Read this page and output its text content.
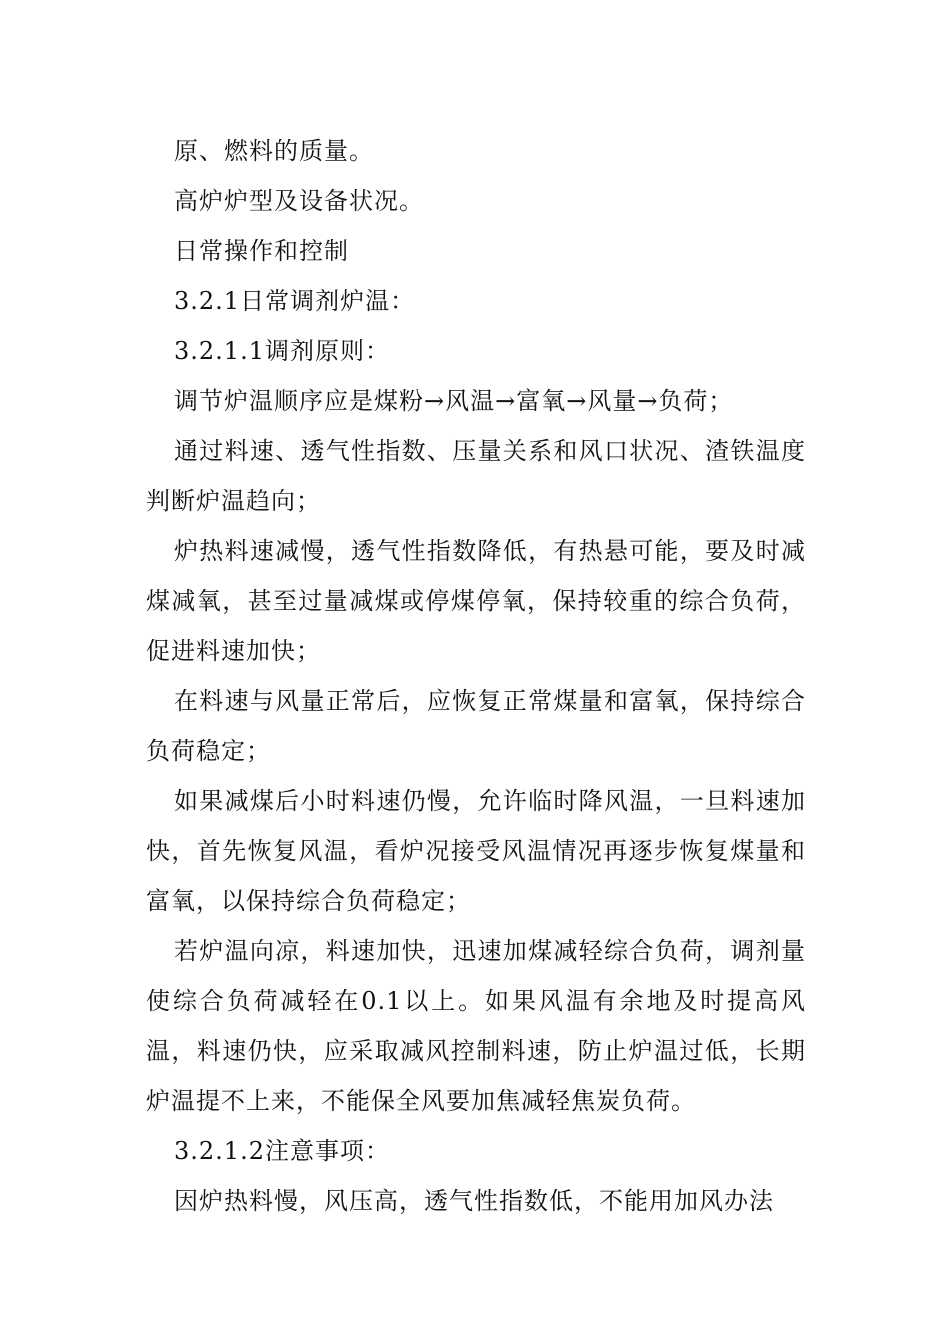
原、燃料的质量。

高炉炉型及设备状况。

日常操作和控制

3.2.1日常调剂炉温：

3.2.1.1调剂原则：

调节炉温顺序应是煤粉→风温→富氧→风量→负荷；

通过料速、透气性指数、压量关系和风口状况、渣铁温度判断炉温趋向；

炉热料速减慢，透气性指数降低，有热悬可能，要及时减煤减氧，甚至过量减煤或停煤停氧，保持较重的综合负荷，促进料速加快；

在料速与风量正常后，应恢复正常煤量和富氧，保持综合负荷稳定；

如果减煤后小时料速仍慢，允许临时降风温，一旦料速加快，首先恢复风温，看炉况接受风温情况再逐步恢复煤量和富氧，以保持综合负荷稳定；

若炉温向凉，料速加快，迅速加煤减轻综合负荷，调剂量使综合负荷减轻在0.1以上。如果风温有余地及时提高风温，料速仍快，应采取减风控制料速，防止炉温过低，长期炉温提不上来，不能保全风要加焦减轻焦炭负荷。

3.2.1.2注意事项：

因炉热料慢，风压高，透气性指数低，不能用加风办法
